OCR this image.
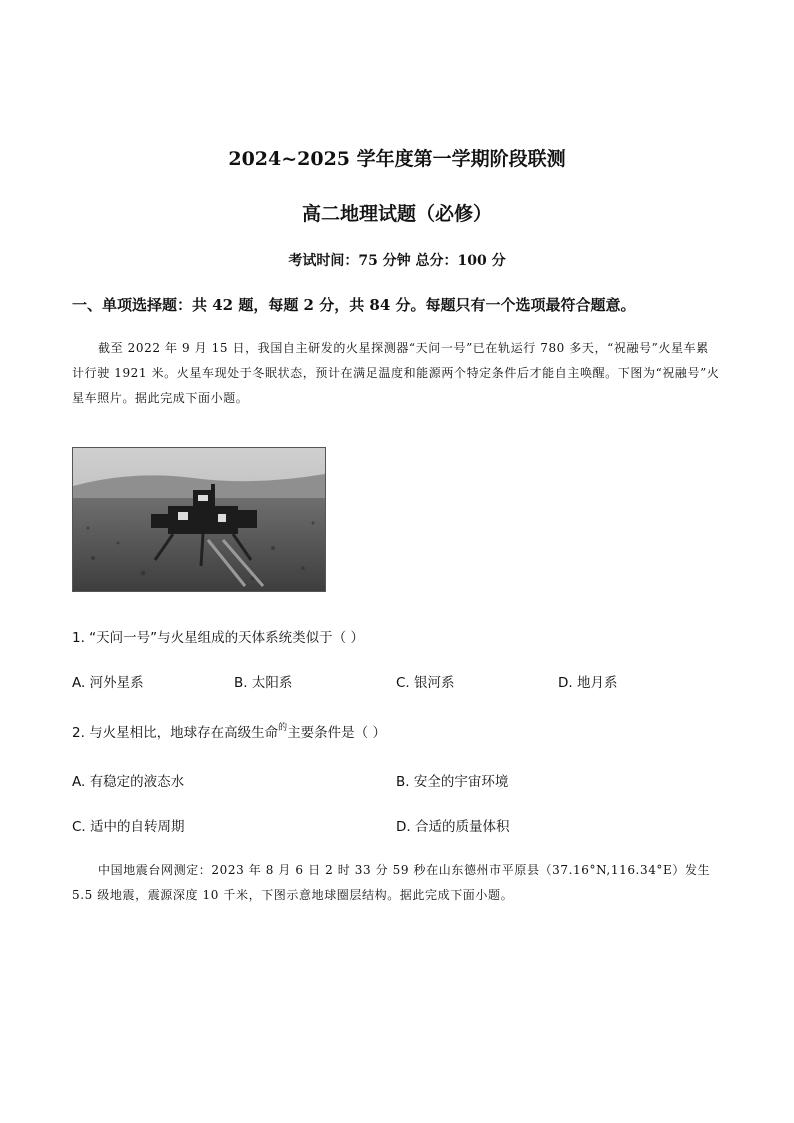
2024~2025 学年度第一学期阶段联测
高二地理试题（必修）

考试时间：75 分钟 总分：100 分

一、单项选择题：共 42 题，每题 2 分，共 84 分。每题只有一个选项最符合题意。

截至 2022 年 9 月 15 日，我国自主研发的火星探测器“天问一号”已在轨运行 780 多天，“祝融号”火星车累计行驶 1921 米。火星车现处于冬眠状态，预计在满足温度和能源两个特定条件后才能自主唤醒。下图为“祝融号”火星车照片。据此完成下面小题。

1. “天问一号”与火星组成的天体系统类似于（ ）

A. 河外星系	B. 太阳系	C. 银河系	D. 地月系

2. 与火星相比，地球存在高级生命$^的$主要条件是（ ）

A. 有稳定的液态水	B. 安全的宇宙环境
C. 适中的自转周期	D. 合适的质量体积

中国地震台网测定：2023 年 8 月 6 日 2 时 33 分 59 秒在山东德州市平原县（37.16°N,116.34°E）发生 5.5 级地震，震源深度 10 千米，下图示意地球圈层结构。据此完成下面小题。
